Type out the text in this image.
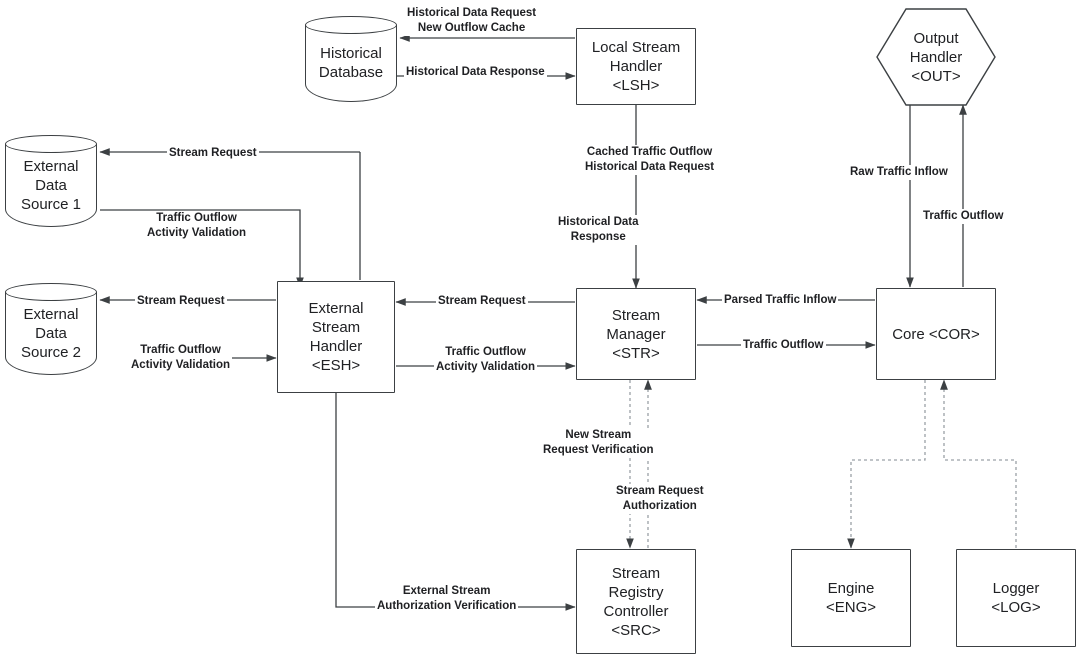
Historical
Database
Local Stream
Handler
<LSH>
Output
Handler
<OUT>
External
Data
Source 1
External
Data
Source 2
External
Stream
Handler
<ESH>
Stream
Manager
<STR>
Core <COR>
Stream
Registry
Controller
<SRC>
Engine
<ENG>
Logger
<LOG>
Historical Data Request
New Outflow Cache
Historical Data Response
Cached Traffic Outflow
Historical Data Request
Historical Data
Response
Raw Traffic Inflow
Traffic Outflow
Stream Request
Traffic Outflow
Activity Validation
Stream Request
Traffic Outflow
Activity Validation
Stream Request
Traffic Outflow
Activity Validation
Parsed Traffic Inflow
Traffic Outflow
New Stream
Request Verification
Stream Request
Authorization
External Stream
Authorization Verification
